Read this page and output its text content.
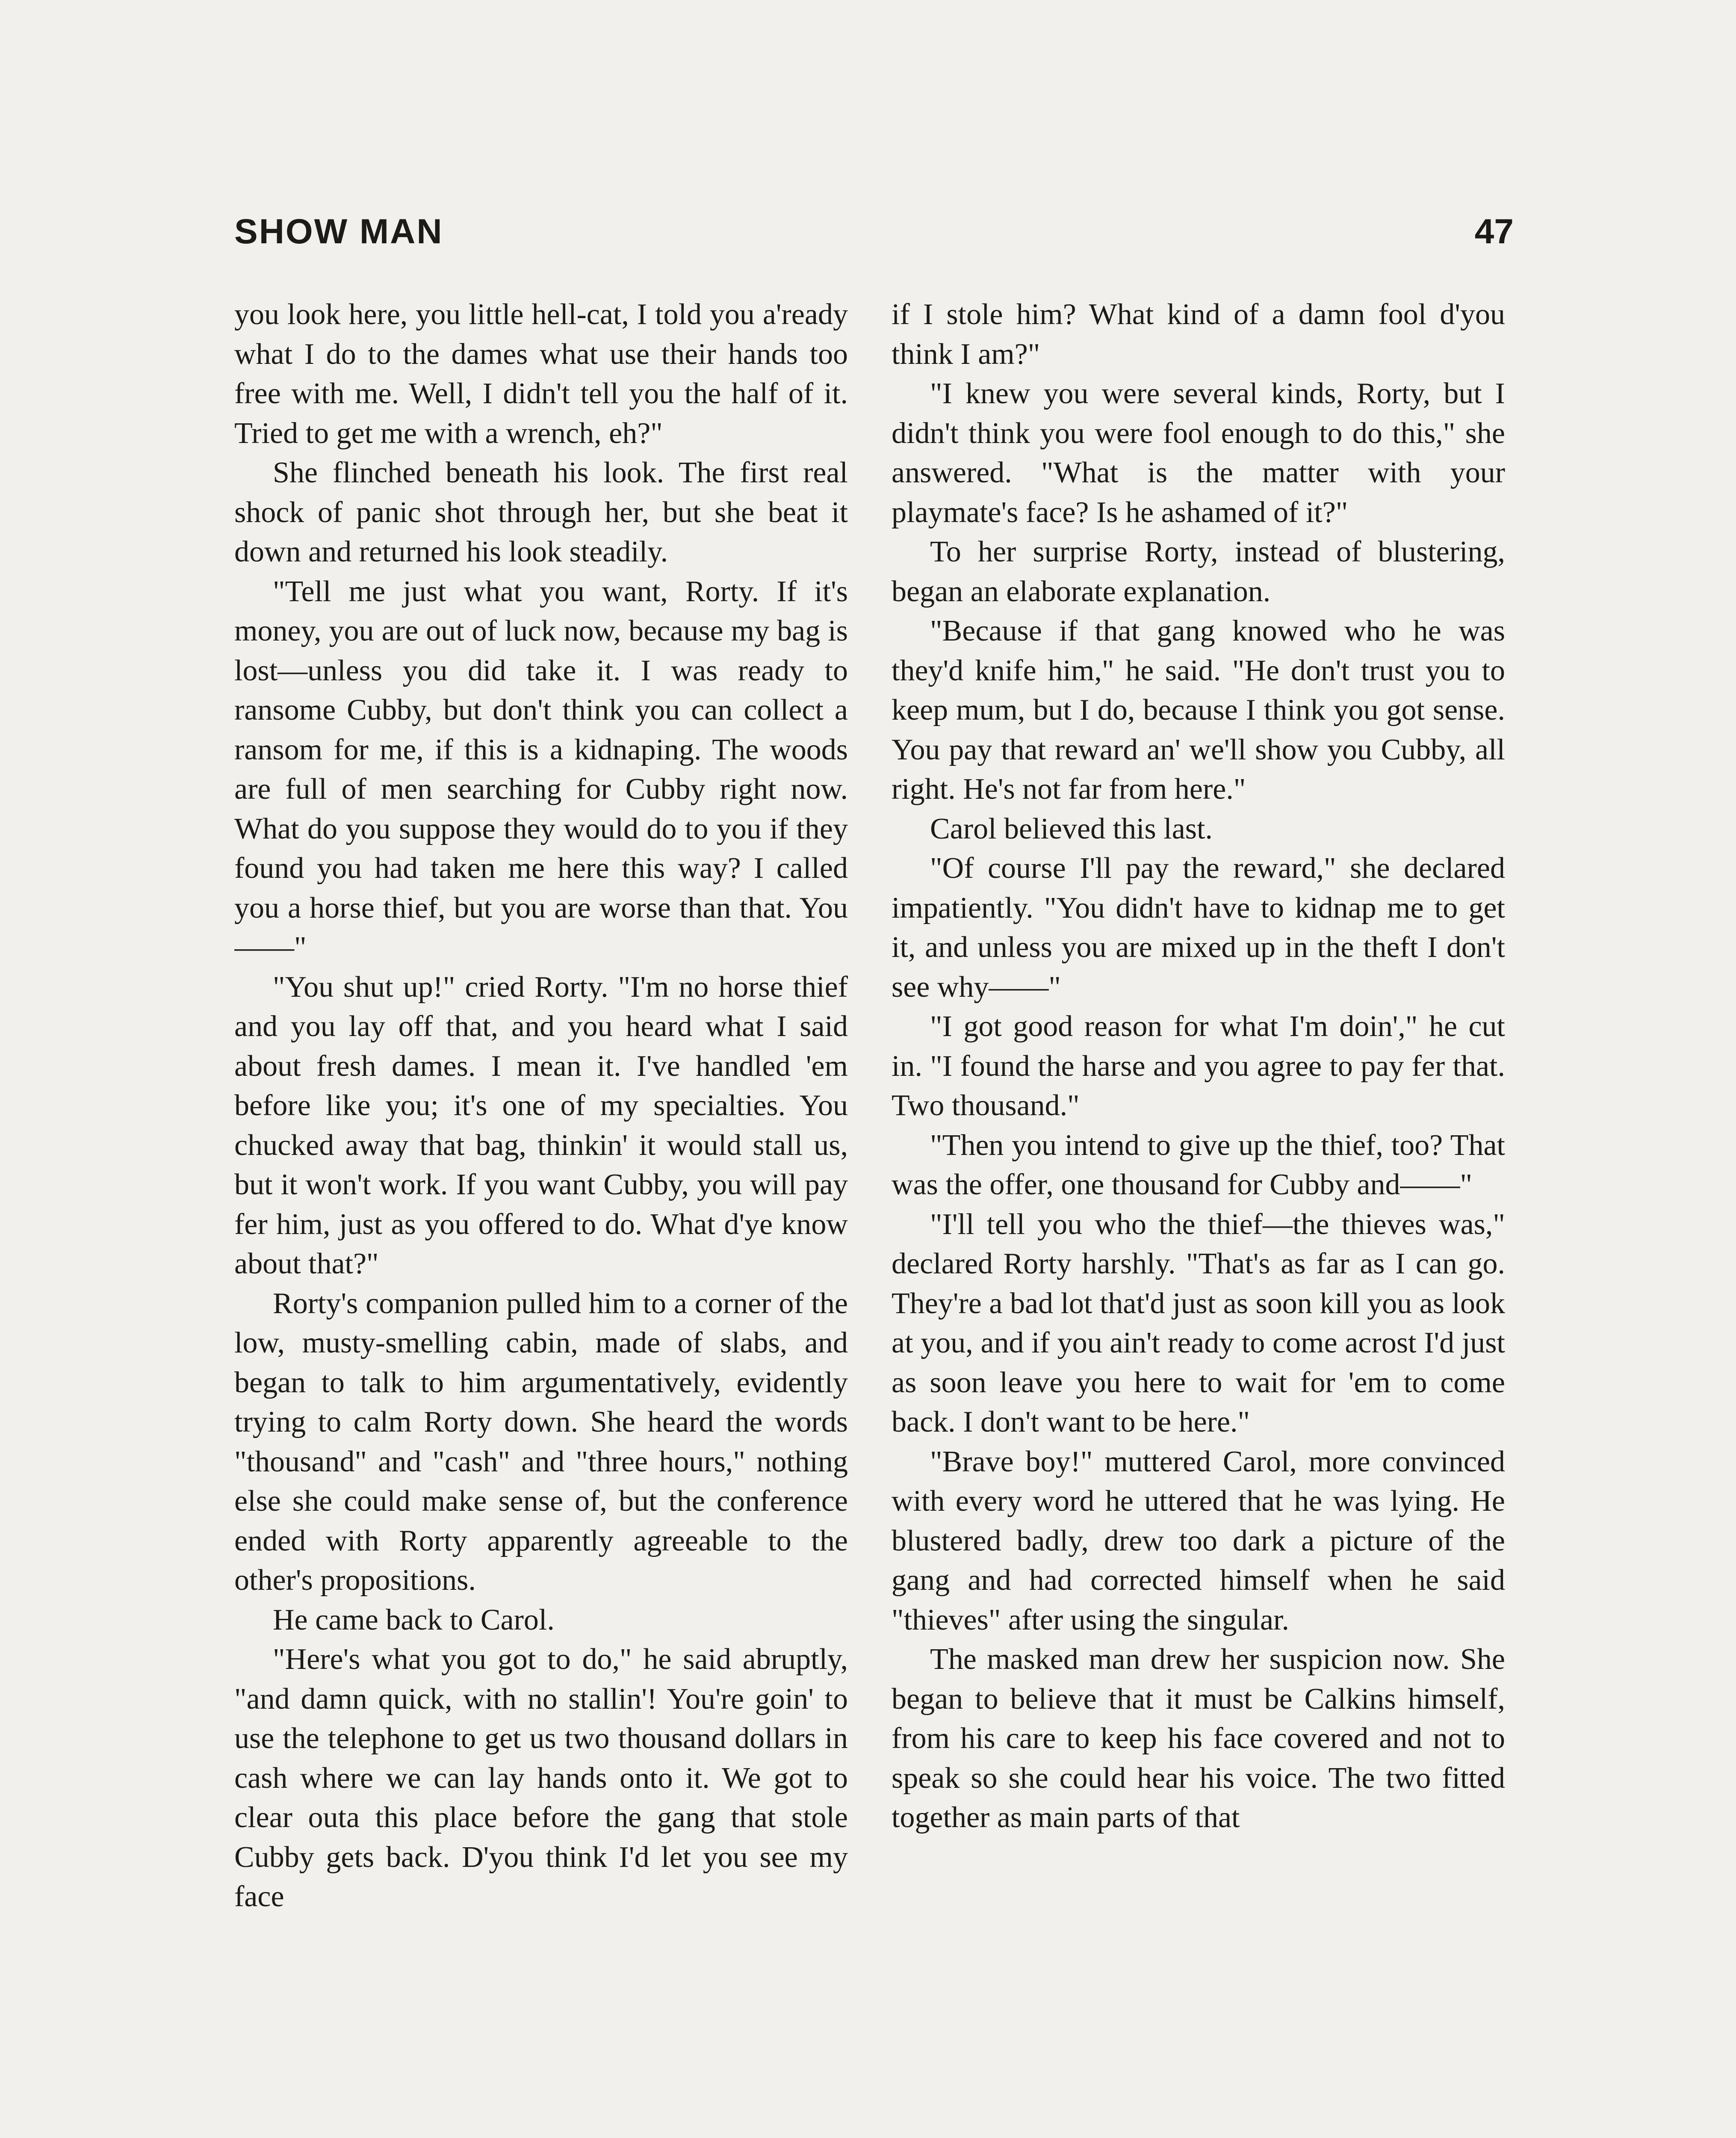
SHOW MAN	47

you look here, you little hell-cat, I told you a'ready what I do to the dames what use their hands too free with me. Well, I didn't tell you the half of it. Tried to get me with a wrench, eh?"

She flinched beneath his look. The first real shock of panic shot through her, but she beat it down and returned his look steadily.

"Tell me just what you want, Rorty. If it's money, you are out of luck now, because my bag is lost—unless you did take it. I was ready to ransome Cubby, but don't think you can collect a ransom for me, if this is a kidnaping. The woods are full of men searching for Cubby right now. What do you suppose they would do to you if they found you had taken me here this way? I called you a horse thief, but you are worse than that. You——"

"You shut up!" cried Rorty. "I'm no horse thief and you lay off that, and you heard what I said about fresh dames. I mean it. I've handled 'em before like you; it's one of my specialties. You chucked away that bag, thinkin' it would stall us, but it won't work. If you want Cubby, you will pay fer him, just as you offered to do. What d'ye know about that?"

Rorty's companion pulled him to a corner of the low, musty-smelling cabin, made of slabs, and began to talk to him argumentatively, evidently trying to calm Rorty down. She heard the words "thousand" and "cash" and "three hours," nothing else she could make sense of, but the conference ended with Rorty apparently agreeable to the other's propositions.

He came back to Carol.

"Here's what you got to do," he said abruptly, "and damn quick, with no stallin'! You're goin' to use the telephone to get us two thousand dollars in cash where we can lay hands onto it. We got to clear outa this place before the gang that stole Cubby gets back. D'you think I'd let you see my face

if I stole him? What kind of a damn fool d'you think I am?"

"I knew you were several kinds, Rorty, but I didn't think you were fool enough to do this," she answered. "What is the matter with your playmate's face? Is he ashamed of it?"

To her surprise Rorty, instead of blustering, began an elaborate explanation.

"Because if that gang knowed who he was they'd knife him," he said. "He don't trust you to keep mum, but I do, because I think you got sense. You pay that reward an' we'll show you Cubby, all right. He's not far from here."

Carol believed this last.

"Of course I'll pay the reward," she declared impatiently. "You didn't have to kidnap me to get it, and unless you are mixed up in the theft I don't see why——"

"I got good reason for what I'm doin'," he cut in. "I found the harse and you agree to pay fer that. Two thousand."

"Then you intend to give up the thief, too? That was the offer, one thousand for Cubby and——"

"I'll tell you who the thief—the thieves was," declared Rorty harshly. "That's as far as I can go. They're a bad lot that'd just as soon kill you as look at you, and if you ain't ready to come acrost I'd just as soon leave you here to wait for 'em to come back. I don't want to be here."

"Brave boy!" muttered Carol, more convinced with every word he uttered that he was lying. He blustered badly, drew too dark a picture of the gang and had corrected himself when he said "thieves" after using the singular.

The masked man drew her suspicion now. She began to believe that it must be Calkins himself, from his care to keep his face covered and not to speak so she could hear his voice. The two fitted together as main parts of that
